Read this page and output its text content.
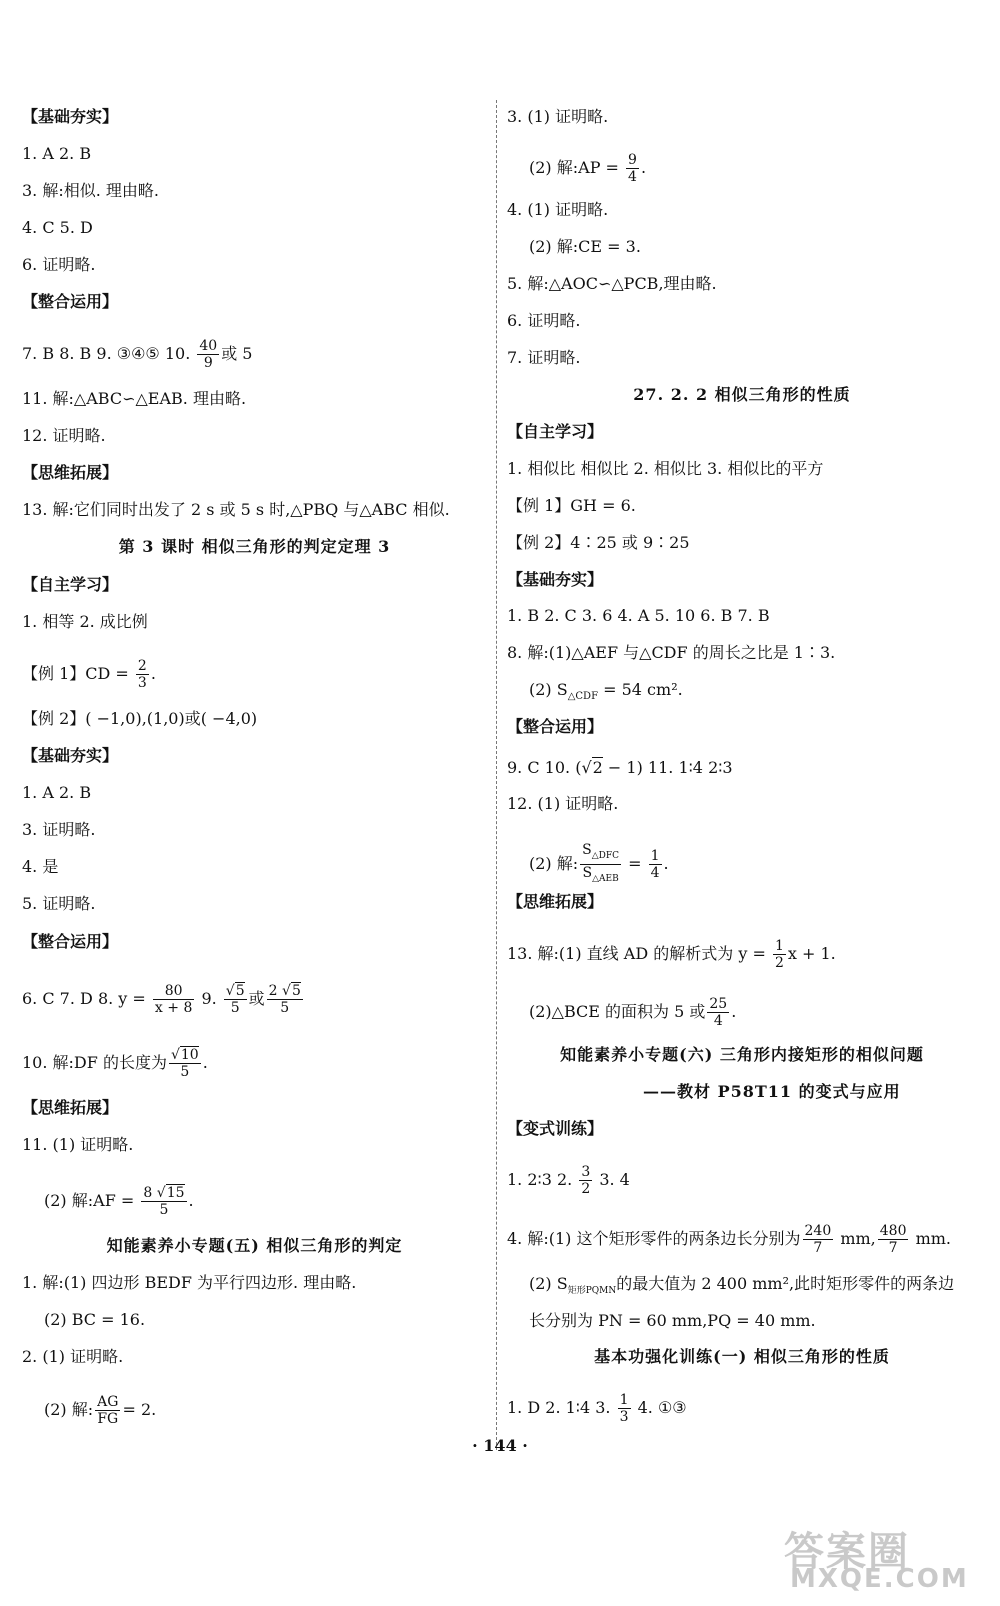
【基础夯实】
1. A 2. B
3. 解:相似. 理由略.
4. C 5. D
6. 证明略.
【整合运用】
7. B 8. B 9. ③④⑤ 10. $\frac{40}{9}$ 或 5
11. 解:△ABC∽△EAB. 理由略.
12. 证明略.
【思维拓展】
13. 解:它们同时出发了 2 s 或 5 s 时,△PBQ 与△ABC 相似.
第 3 课时 相似三角形的判定定理 3
【自主学习】
1. 相等 2. 成比例
【例 1】CD = $\frac{2}{3}$ .
【例 2】( −1,0),(1,0)或( −4,0)
【基础夯实】
1. A 2. B
3. 证明略.
4. 是
5. 证明略.
【整合运用】
6. C 7. D 8. $y = \frac{80}{x + 8} 9$. $\frac{√5}{5}$ 或 $\frac{2 √5}{5}$
10. 解:DF 的长度为 $\frac{√10}{5}$ .
【思维拓展】
11. (1) 证明略.
(2) 解:AF = $\frac{8 √15}{5}$ .
知能素养小专题(五) 相似三角形的判定
1. 解:(1) 四边形 BEDF 为平行四边形. 理由略.
(2) BC = 16.
2. (1) 证明略.
(2) 解: $\frac{AG}{FG} = 2$.
3. (1) 证明略.
(2) 解:AP = $\frac{9}{4}$ .
4. (1) 证明略.
(2) 解:CE = 3.
5. 解:△AOC∽△PCB,理由略.
6. 证明略.
7. 证明略.
27. 2. 2 相似三角形的性质
【自主学习】
1. 相似比 相似比 2. 相似比 3. 相似比的平方
【例 1】GH = 6.
【例 2】4∶25 或 9∶25
【基础夯实】
1. B 2. C 3. 6 4. A 5. 10 6. B 7. B
8. 解:(1)△AEF 与△CDF 的周长之比是 1∶3.
(2) $S_{\triangle CDF} = 54$ cm².
【整合运用】
9. C 10. (√2 − 1) 11. 1∶4 2∶3
12. (1) 证明略.
(2) 解: $\frac{S_{\triangle DFC}}{S_{\triangle AEB}} = \frac{1}{4}$ .
【思维拓展】
13. 解:(1) 直线 AD 的解析式为 $y = \frac{1}{2}$ x + 1.
(2)△BCE 的面积为 5 或 $\frac{25}{4}$ .
知能素养小专题(六) 三角形内接矩形的相似问题
——教材 P58T11 的变式与应用
【变式训练】
1. 2∶3 2. $\frac{3}{2} 3$. 4
4. 解:(1) 这个矩形零件的两条边长分别为 $\frac{240}{7}$ mm, $\frac{480}{7}$ mm.
(2) $S_{矩形PQMN}$的最大值为 2 400 mm²,此时矩形零件的两条边
长分别为 PN = 60 mm,PQ = 40 mm.
基本功强化训练(一) 相似三角形的性质
1. D 2. 1∶4 3. $\frac{1}{3} 4$. ①③
· 144 ·
答案圈
MXQE.COM
